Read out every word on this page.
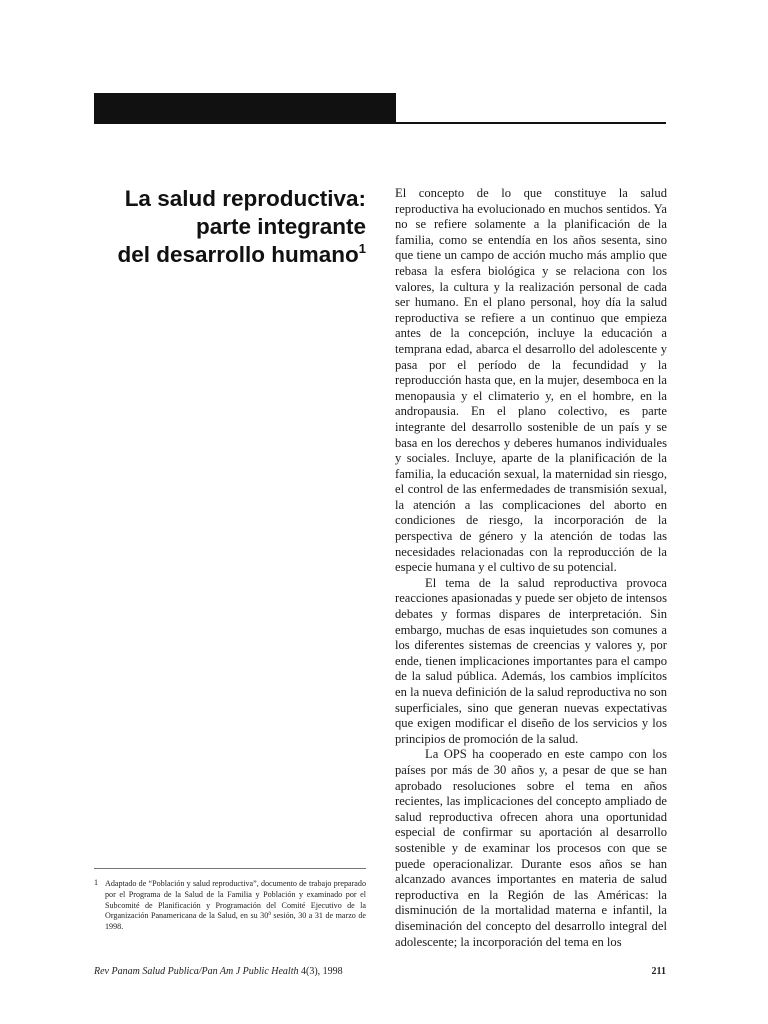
La salud reproductiva:
parte integrante
del desarrollo humano$^1$

El concepto de lo que constituye la salud reproductiva ha evolucionado en muchos sentidos. Ya no se refiere solamente a la planificación de la familia, como se entendía en los años sesenta, sino que tiene un campo de acción mucho más amplio que rebasa la esfera biológica y se relaciona con los valores, la cultura y la realización personal de cada ser humano. En el plano personal, hoy día la salud reproductiva se refiere a un continuo que empieza antes de la concepción, incluye la educación a temprana edad, abarca el desarrollo del adolescente y pasa por el período de la fecundidad y la reproducción hasta que, en la mujer, desemboca en la menopausia y el climaterio y, en el hombre, en la andropausia. En el plano colectivo, es parte integrante del desarrollo sostenible de un país y se basa en los derechos y deberes humanos individuales y sociales. Incluye, aparte de la planificación de la familia, la educación sexual, la maternidad sin riesgo, el control de las enfermedades de transmisión sexual, la atención a las complicaciones del aborto en condiciones de riesgo, la incorporación de la perspectiva de género y la atención de todas las necesidades relacionadas con la reproducción de la especie humana y el cultivo de su potencial.

El tema de la salud reproductiva provoca reacciones apasionadas y puede ser objeto de intensos debates y formas dispares de interpretación. Sin embargo, muchas de esas inquietudes son comunes a los diferentes sistemas de creencias y valores y, por ende, tienen implicaciones importantes para el campo de la salud pública. Además, los cambios implícitos en la nueva definición de la salud reproductiva no son superficiales, sino que generan nuevas expectativas que exigen modificar el diseño de los servicios y los principios de promoción de la salud.

La OPS ha cooperado en este campo con los países por más de 30 años y, a pesar de que se han aprobado resoluciones sobre el tema en años recientes, las implicaciones del concepto ampliado de salud reproductiva ofrecen ahora una oportunidad especial de confirmar su aportación al desarrollo sostenible y de examinar los procesos con que se puede operacionalizar. Durante esos años se han alcanzado avances importantes en materia de salud reproductiva en la Región de las Américas: la disminución de la mortalidad materna e infantil, la diseminación del concepto del desarrollo integral del adolescente; la incorporación del tema en los

1 Adaptado de “Población y salud reproductiva”, documento de trabajo preparado por el Programa de la Salud de la Familia y Población y examinado por el Subcomité de Planificación y Programación del Comité Ejecutivo de la Organización Panamericana de la Salud, en su 30$^a$ sesión, 30 a 31 de marzo de 1998.
Rev Panam Salud Publica/Pan Am J Public Health 4(3), 1998	211
